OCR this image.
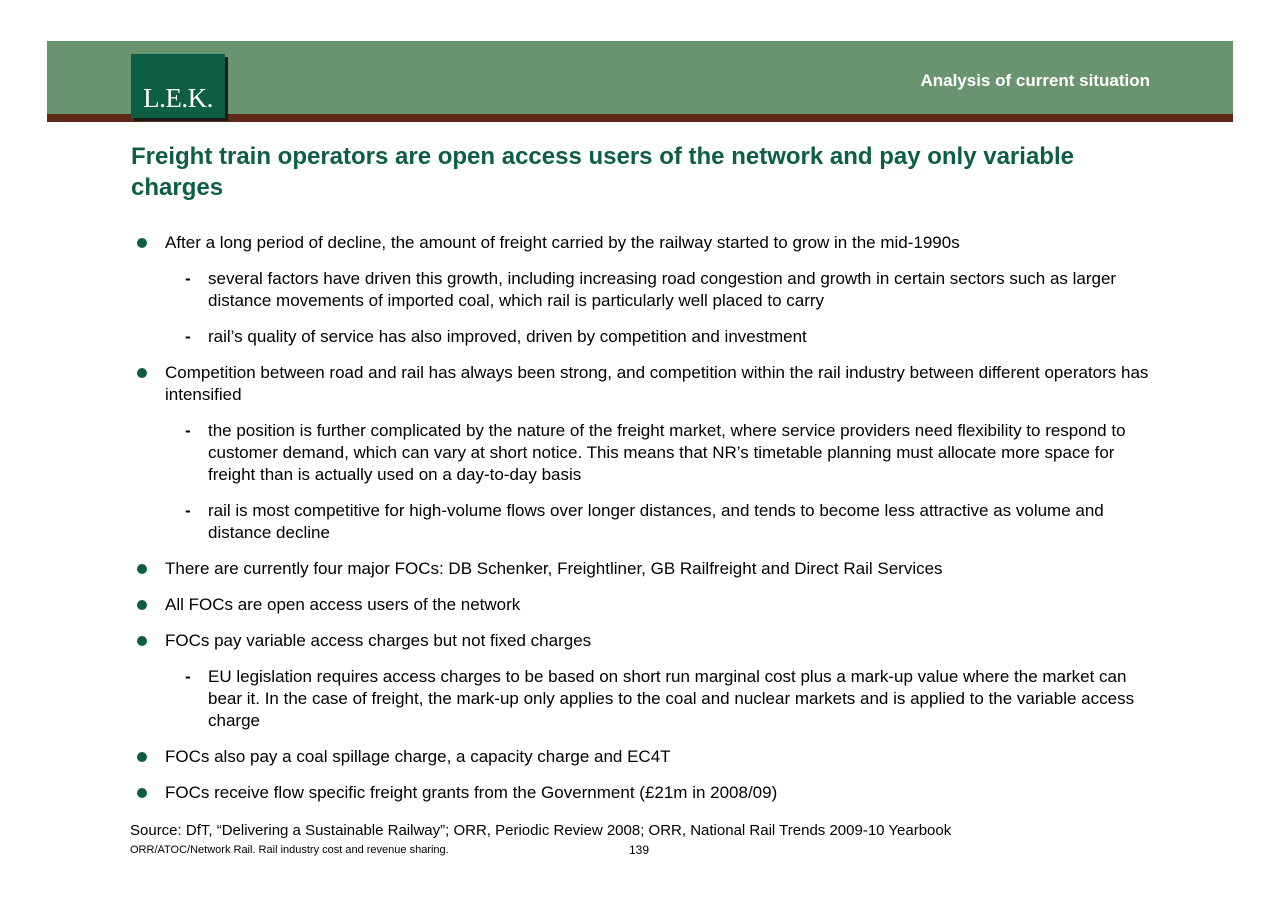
L.E.K.
Analysis of current situation
Freight train operators are open access users of the network and pay only variable charges
After a long period of decline, the amount of freight carried by the railway started to grow in the mid-1990s
- several factors have driven this growth, including increasing road congestion and growth in certain sectors such as larger distance movements of imported coal, which rail is particularly well placed to carry
- rail’s quality of service has also improved, driven by competition and investment
Competition between road and rail has always been strong, and competition within the rail industry between different operators has intensified
- the position is further complicated by the nature of the freight market, where service providers need flexibility to respond to customer demand, which can vary at short notice. This means that NR’s timetable planning must allocate more space for freight than is actually used on a day-to-day basis
- rail is most competitive for high-volume flows over longer distances, and tends to become less attractive as volume and distance decline
There are currently four major FOCs: DB Schenker, Freightliner, GB Railfreight and Direct Rail Services
All FOCs are open access users of the network
FOCs pay variable access charges but not fixed charges
- EU legislation requires access charges to be based on short run marginal cost plus a mark-up value where the market can bear it. In the case of freight, the mark-up only applies to the coal and nuclear markets and is applied to the variable access charge
FOCs also pay a coal spillage charge, a capacity charge and EC4T
FOCs receive flow specific freight grants from the Government (£21m in 2008/09)
Source: DfT, “Delivering a Sustainable Railway”; ORR, Periodic Review 2008; ORR, National Rail Trends 2009-10 Yearbook
ORR/ATOC/Network Rail. Rail industry cost and revenue sharing.	139
